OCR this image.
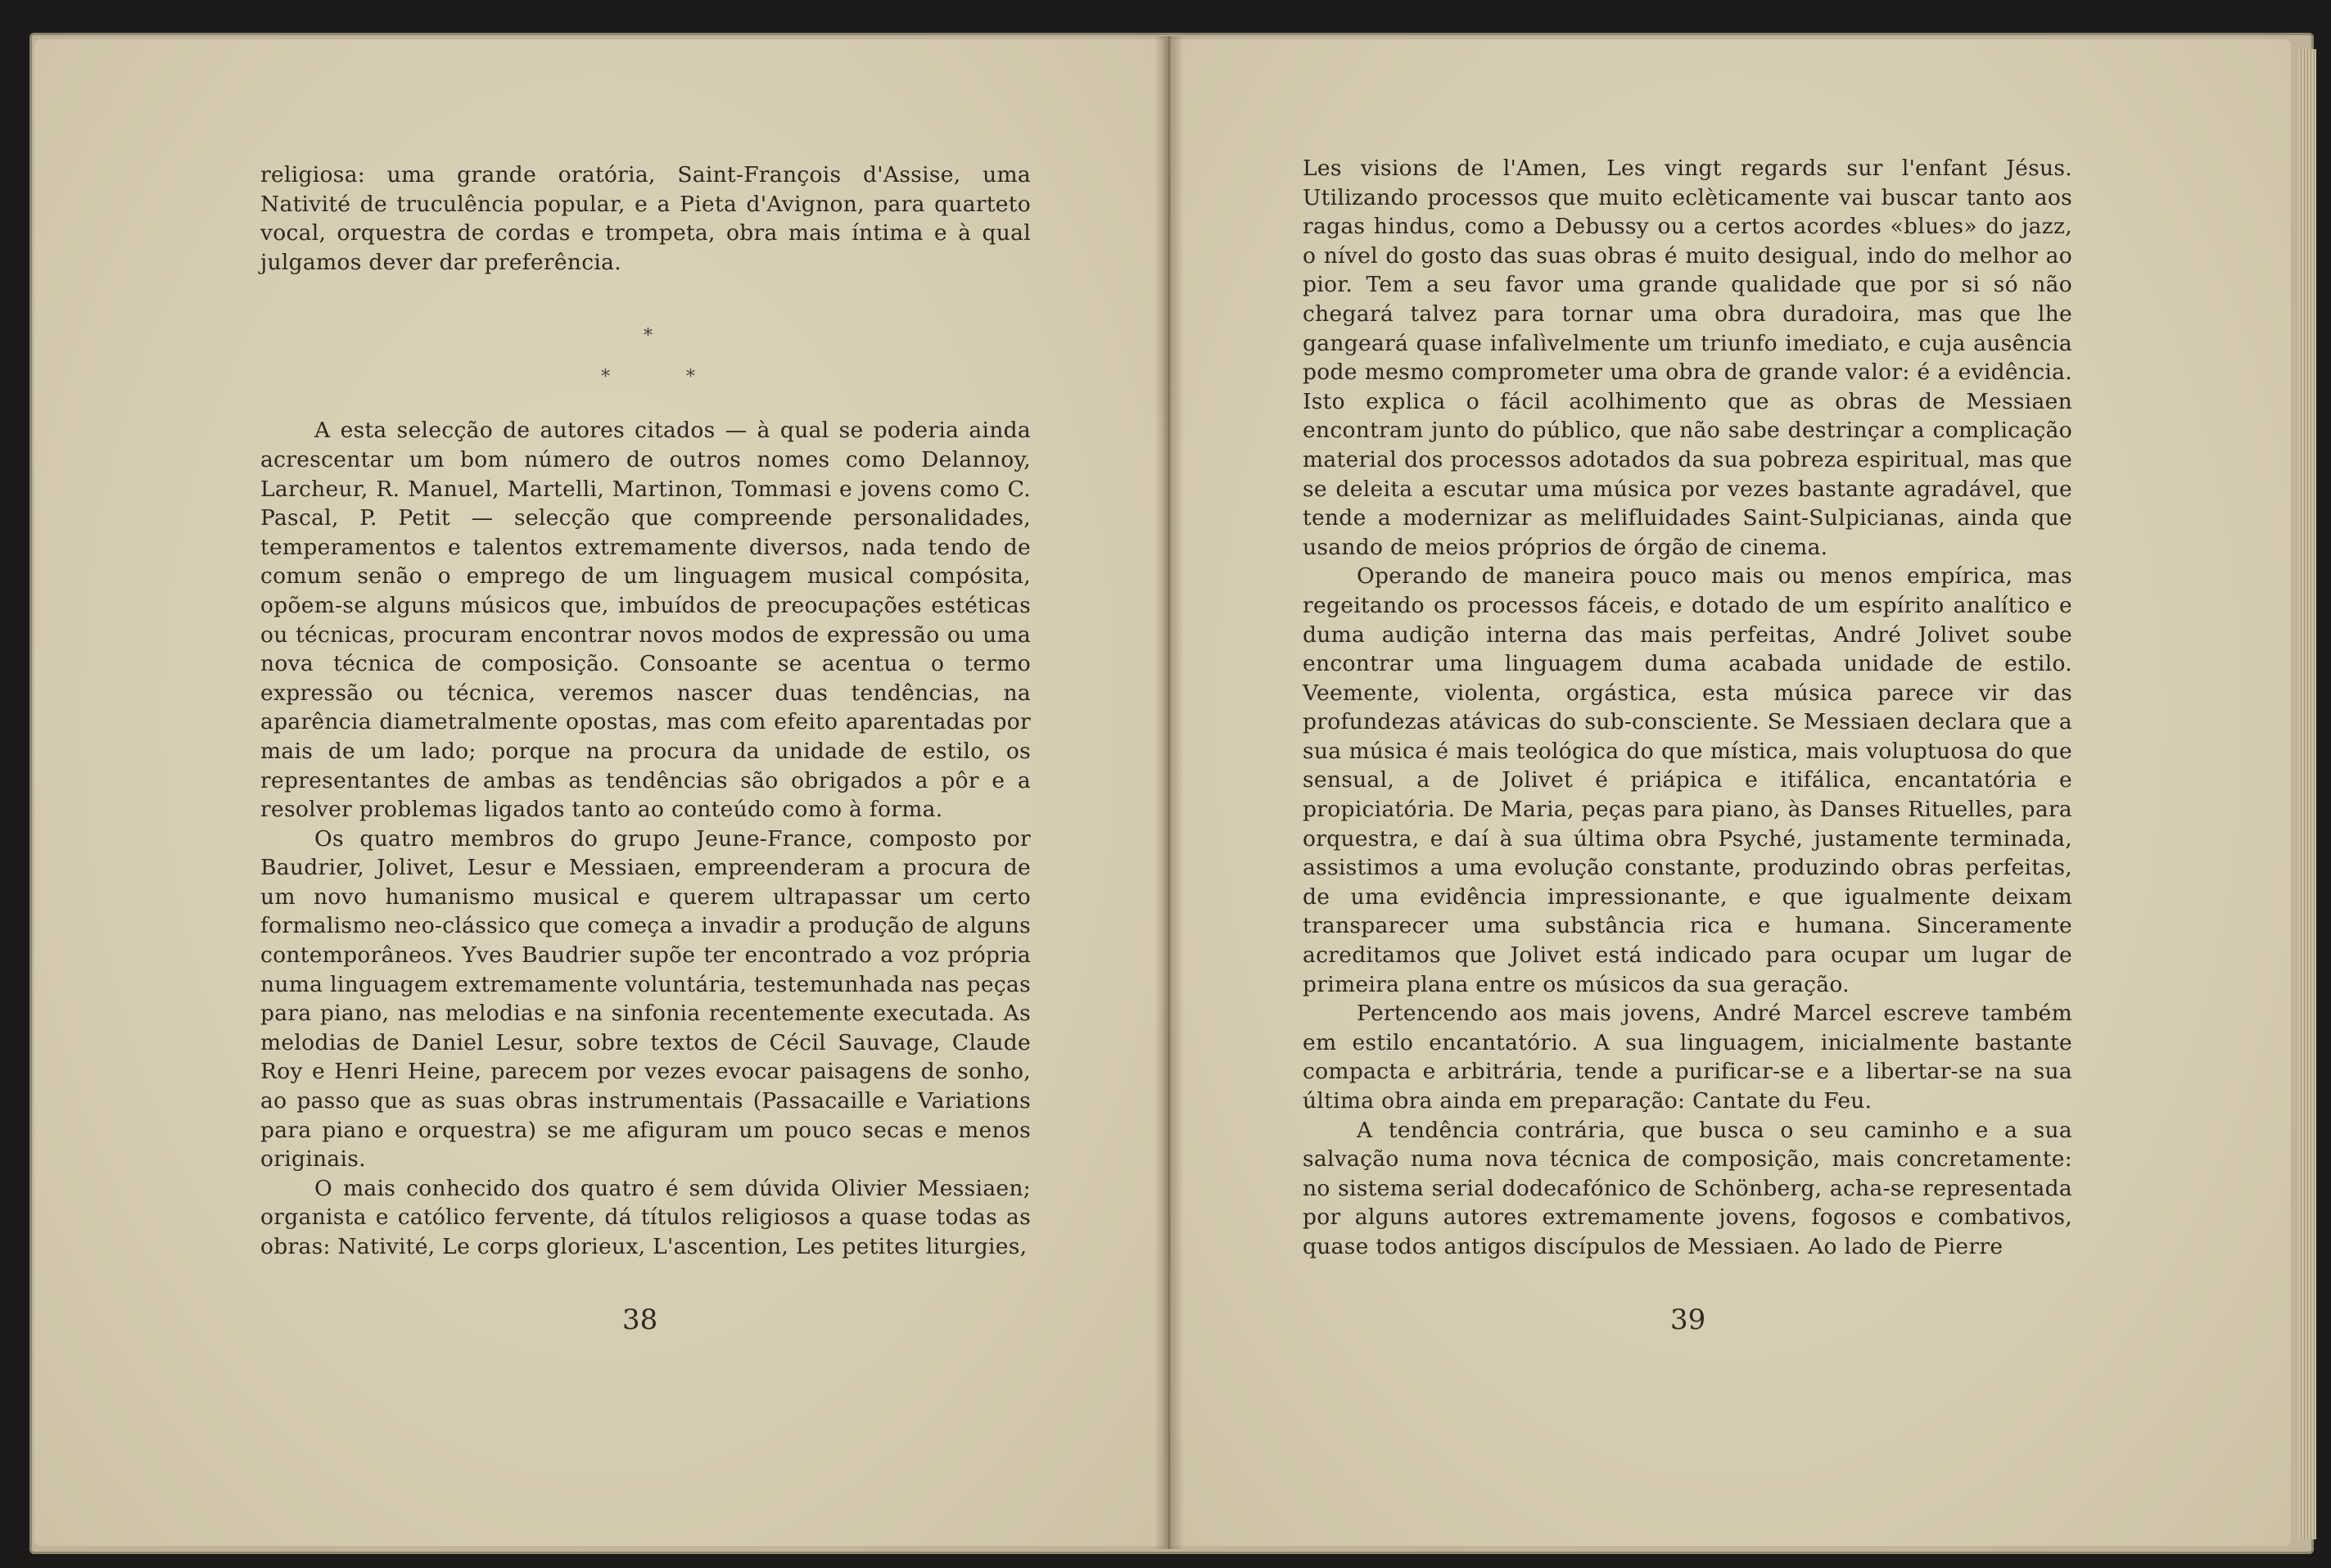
religiosa: uma grande oratória, Saint-François d'Assise, uma Nativité de truculência popular, e a Pieta d'Avignon, para quarteto vocal, orquestra de cordas e trompeta, obra mais íntima e à qual julgamos dever dar preferência.

A esta selecção de autores citados — à qual se poderia ainda acrescentar um bom número de outros nomes como Delannoy, Larcheur, R. Manuel, Martelli, Martinon, Tommasi e jovens como C. Pascal, P. Petit — selecção que compreende personalidades, temperamentos e talentos extremamente diversos, nada tendo de comum senão o emprego de um linguagem musical compósita, opõem-se alguns músicos que, imbuídos de preocupações estéticas ou técnicas, procuram encontrar novos modos de expressão ou uma nova técnica de composição. Consoante se acentua o termo expressão ou técnica, veremos nascer duas tendências, na aparência diametralmente opostas, mas com efeito aparentadas por mais de um lado; porque na procura da unidade de estilo, os representantes de ambas as tendências são obrigados a pôr e a resolver problemas ligados tanto ao conteúdo como à forma.

Os quatro membros do grupo Jeune-France, composto por Baudrier, Jolivet, Lesur e Messiaen, empreenderam a procura de um novo humanismo musical e querem ultrapassar um certo formalismo neo-clássico que começa a invadir a produção de alguns contemporâneos. Yves Baudrier supõe ter encontrado a voz própria numa linguagem extremamente voluntária, testemunhada nas peças para piano, nas melodias e na sinfonia recentemente executada. As melodias de Daniel Lesur, sobre textos de Cécil Sauvage, Claude Roy e Henri Heine, parecem por vezes evocar paisagens de sonho, ao passo que as suas obras instrumentais (Passacaille e Variations para piano e orquestra) se me afiguram um pouco secas e menos originais.

O mais conhecido dos quatro é sem dúvida Olivier Messiaen; organista e católico fervente, dá títulos religiosos a quase todas as obras: Nativité, Le corps glorieux, L'ascention, Les petites liturgies,

*
*	*

Les visions de l'Amen, Les vingt regards sur l'enfant Jésus. Utilizando processos que muito eclèticamente vai buscar tanto aos ragas hindus, como a Debussy ou a certos acordes «blues» do jazz, o nível do gosto das suas obras é muito desigual, indo do melhor ao pior. Tem a seu favor uma grande qualidade que por si só não chegará talvez para tornar uma obra duradoira, mas que lhe gangeará quase infalìvelmente um triunfo imediato, e cuja ausência pode mesmo comprometer uma obra de grande valor: é a evidência. Isto explica o fácil acolhimento que as obras de Messiaen encontram junto do público, que não sabe destrinçar a complicação material dos processos adotados da sua pobreza espiritual, mas que se deleita a escutar uma música por vezes bastante agradável, que tende a modernizar as melifluidades Saint-Sulpicianas, ainda que usando de meios próprios de órgão de cinema.

Operando de maneira pouco mais ou menos empírica, mas regeitando os processos fáceis, e dotado de um espírito analítico e duma audição interna das mais perfeitas, André Jolivet soube encontrar uma linguagem duma acabada unidade de estilo. Veemente, violenta, orgástica, esta música parece vir das profundezas atávicas do sub-consciente. Se Messiaen declara que a sua música é mais teológica do que mística, mais voluptuosa do que sensual, a de Jolivet é priápica e itifálica, encantatória e propiciatória. De Maria, peças para piano, às Danses Rituelles, para orquestra, e daí à sua última obra Psyché, justamente terminada, assistimos a uma evolução constante, produzindo obras perfeitas, de uma evidência impressionante, e que igualmente deixam transparecer uma substância rica e humana. Sinceramente acreditamos que Jolivet está indicado para ocupar um lugar de primeira plana entre os músicos da sua geração.

Pertencendo aos mais jovens, André Marcel escreve também em estilo encantatório. A sua linguagem, inicialmente bastante compacta e arbitrária, tende a purificar-se e a libertar-se na sua última obra ainda em preparação: Cantate du Feu.

A tendência contrária, que busca o seu caminho e a sua salvação numa nova técnica de composição, mais concretamente: no sistema serial dodecafónico de Schönberg, acha-se representada por alguns autores extremamente jovens, fogosos e combativos, quase todos antigos discípulos de Messiaen. Ao lado de Pierre

38	39
